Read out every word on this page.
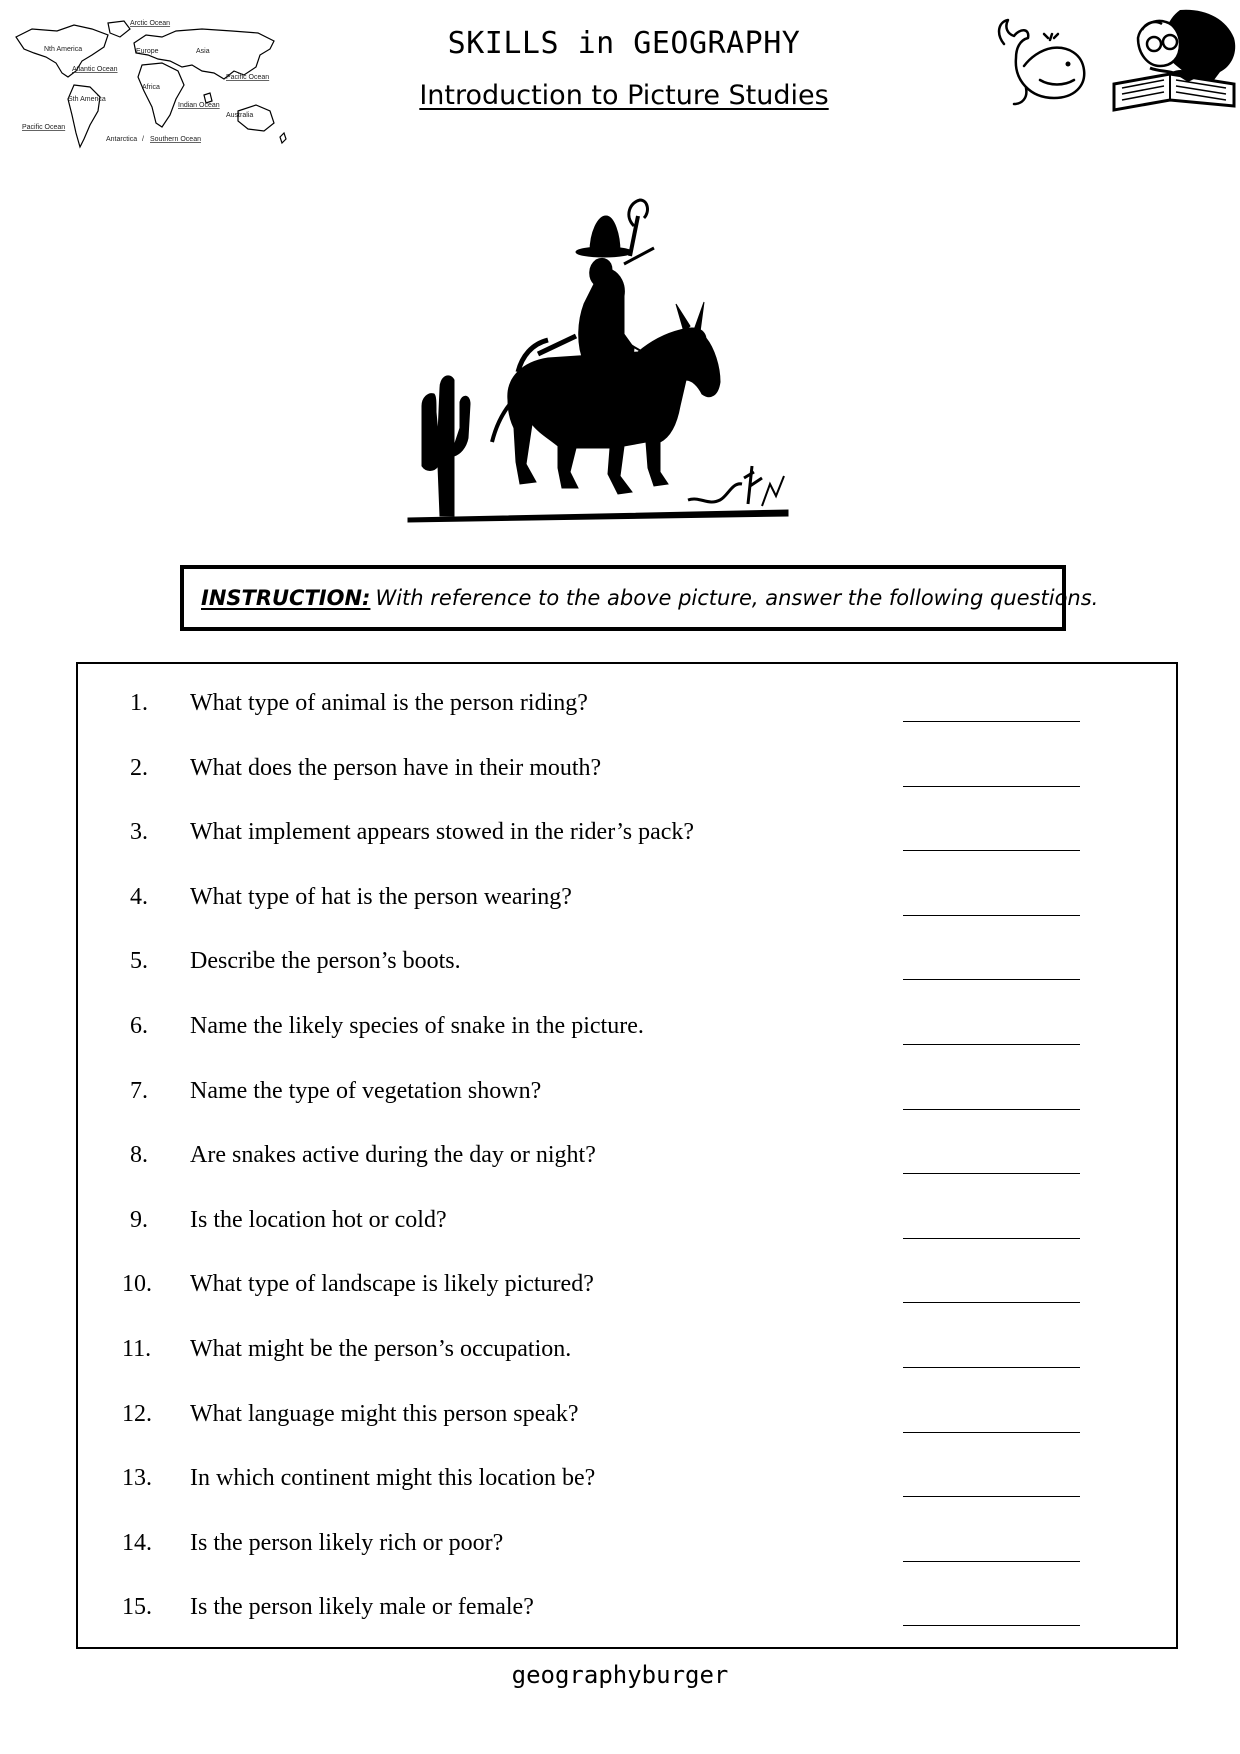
Arctic Ocean
Nth America	Europe	Asia
Atlantic Ocean
Pacific Ocean
Africa
Sth America
Indian Ocean
Australia
Pacific Ocean
Antarctica / Southern Ocean
SKILLS in GEOGRAPHY
Introduction to Picture Studies
INSTRUCTION: With reference to the above picture, answer the following questions.
1. What type of animal is the person riding?
2. What does the person have in their mouth?
3. What implement appears stowed in the rider’s pack?
4. What type of hat is the person wearing?
5. Describe the person’s boots.
6. Name the likely species of snake in the picture.
7. Name the type of vegetation shown?
8. Are snakes active during the day or night?
9. Is the location hot or cold?
10. What type of landscape is likely pictured?
11. What might be the person’s occupation.
12. What language might this person speak?
13. In which continent might this location be?
14. Is the person likely rich or poor?
15. Is the person likely male or female?
geographyburger
